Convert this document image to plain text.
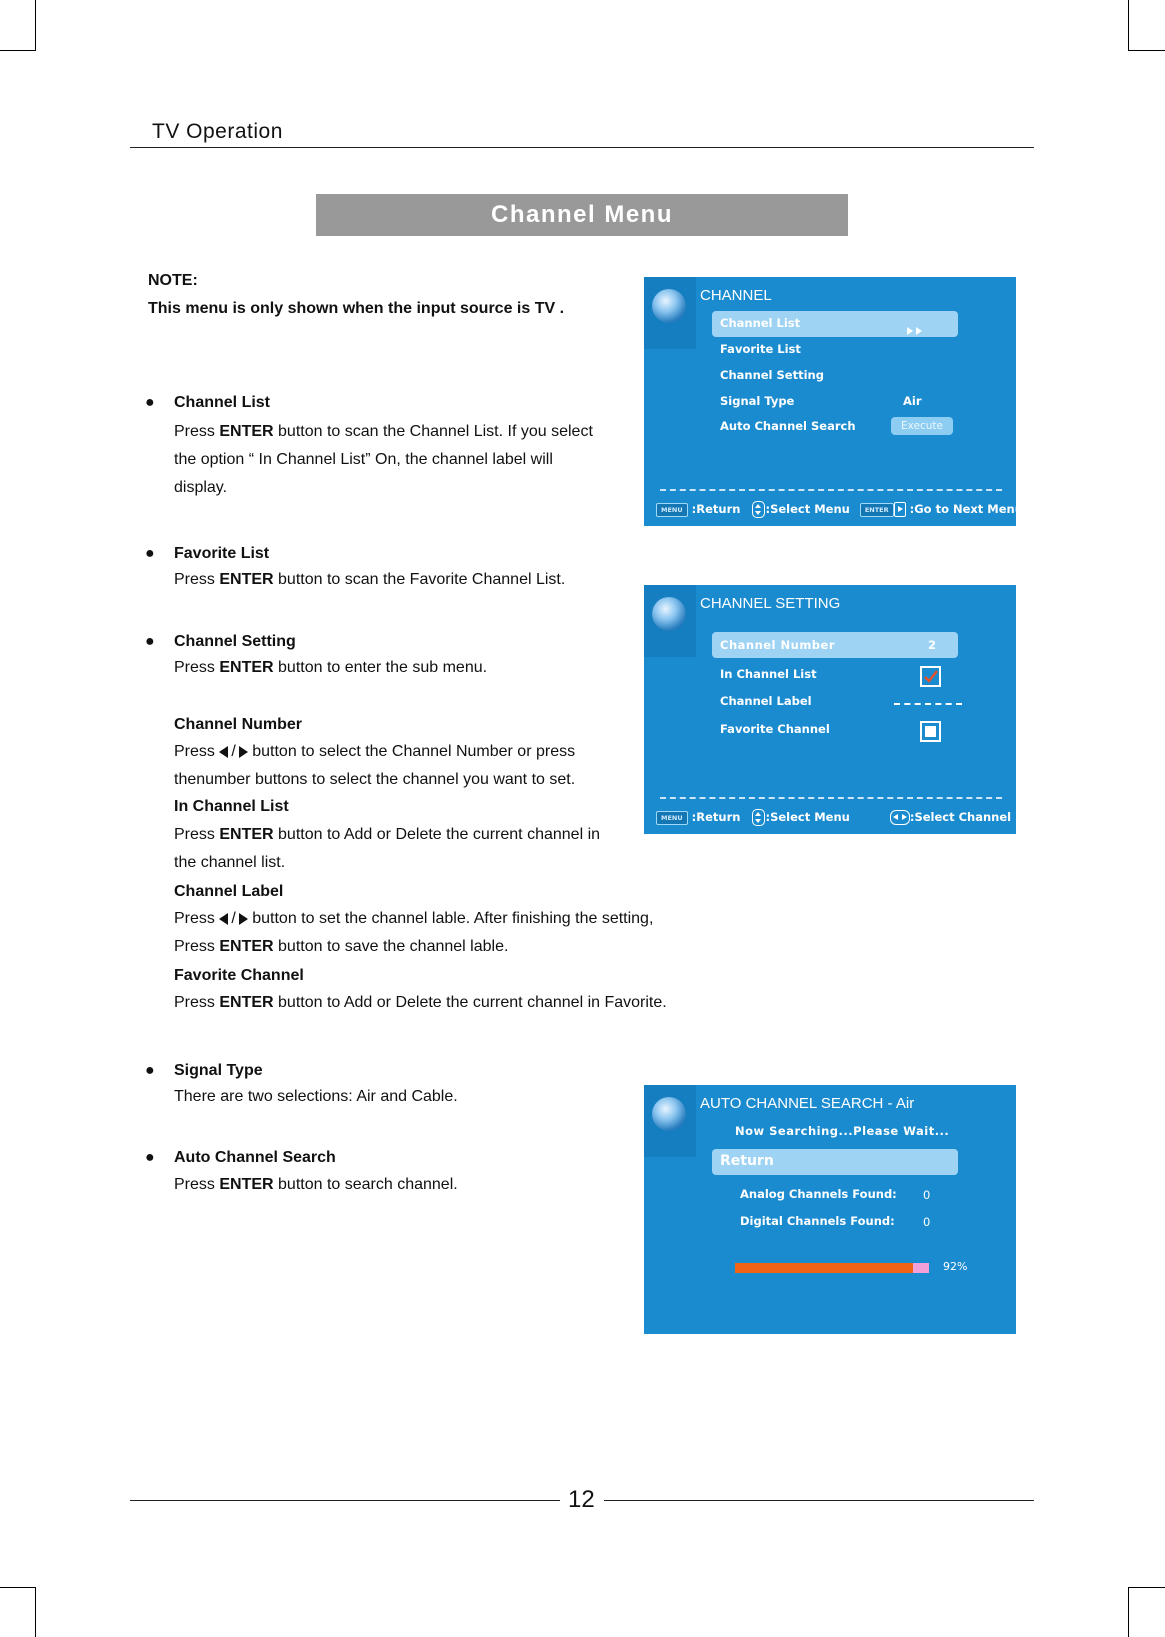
TV Operation
Channel Menu
NOTE:
This menu is only shown when the input source is TV .
● Channel List
Press ENTER button to scan the Channel List. If you select
the option “ In Channel List” On, the channel label will
display.
● Favorite List
Press ENTER button to scan the Favorite Channel List.
● Channel Setting
Press ENTER button to enter the sub menu.
Channel Number
Press / button to select the Channel Number or press
thenumber buttons to select the channel you want to set.
In Channel List
Press ENTER button to Add or Delete the current channel in
the channel list.
Channel Label
Press / button to set the channel lable. After finishing the setting,
Press ENTER button to save the channel lable.
Favorite Channel
Press ENTER button to Add or Delete the current channel in Favorite.
● Signal Type
There are two selections: Air and Cable.
● Auto Channel Search
Press ENTER button to search channel.
CHANNEL
Channel List
Favorite List
Channel Setting
Signal Type	Air
Auto Channel Search	Execute
MENU :Return :Select Menu ENTER :Go to Next Menu
CHANNEL SETTING
Channel Number	2
In Channel List
Channel Label
Favorite Channel
MENU :Return :Select Menu	:Select Channel
AUTO CHANNEL SEARCH - Air
Now Searching...Please Wait...
Return
Analog Channels Found: 0
Digital Channels Found: 0
92%
12
